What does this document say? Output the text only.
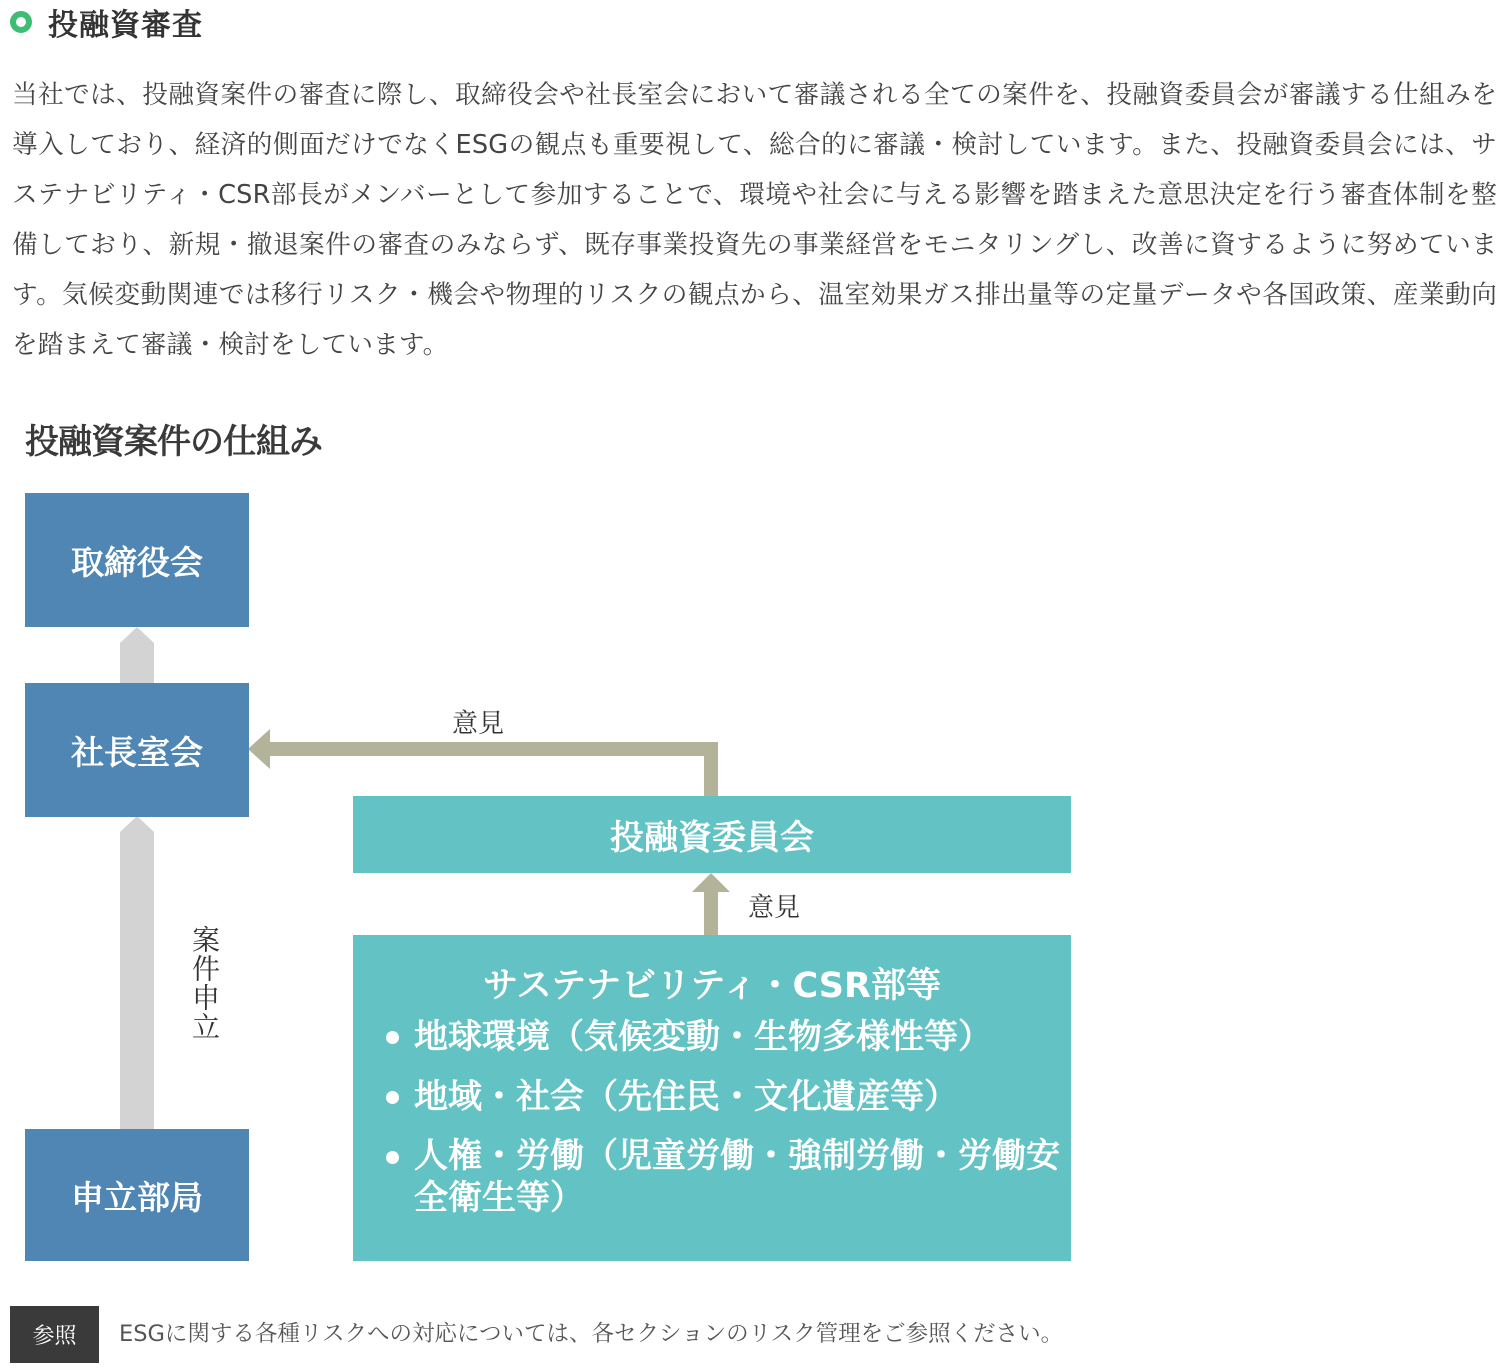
投融資審査

当社では、投融資案件の審査に際し、取締役会や社長室会において審議される全ての案件を、投融資委員会が審議する仕組みを導入しており、経済的側面だけでなくESGの観点も重要視して、総合的に審議・検討しています。また、投融資委員会には、サステナビリティ・CSR部長がメンバーとして参加することで、環境や社会に与える影響を踏まえた意思決定を行う審査体制を整備しており、新規・撤退案件の審査のみならず、既存事業投資先の事業経営をモニタリングし、改善に資するように努めています。気候変動関連では移行リスク・機会や物理的リスクの観点から、温室効果ガス排出量等の定量データや各国政策、産業動向を踏まえて審議・検討をしています。

投融資案件の仕組み
取締役会
社長室会
申立部局
投融資委員会
サステナビリティ・CSR部等
地球環境（気候変動・生物多様性等）
地域・社会（先住民・文化遺産等）
人権・労働（児童労働・強制労働・労働安全衛生等）
意見
意見
案件申立
参照	ESGに関する各種リスクへの対応については、各セクションのリスク管理をご参照ください。
